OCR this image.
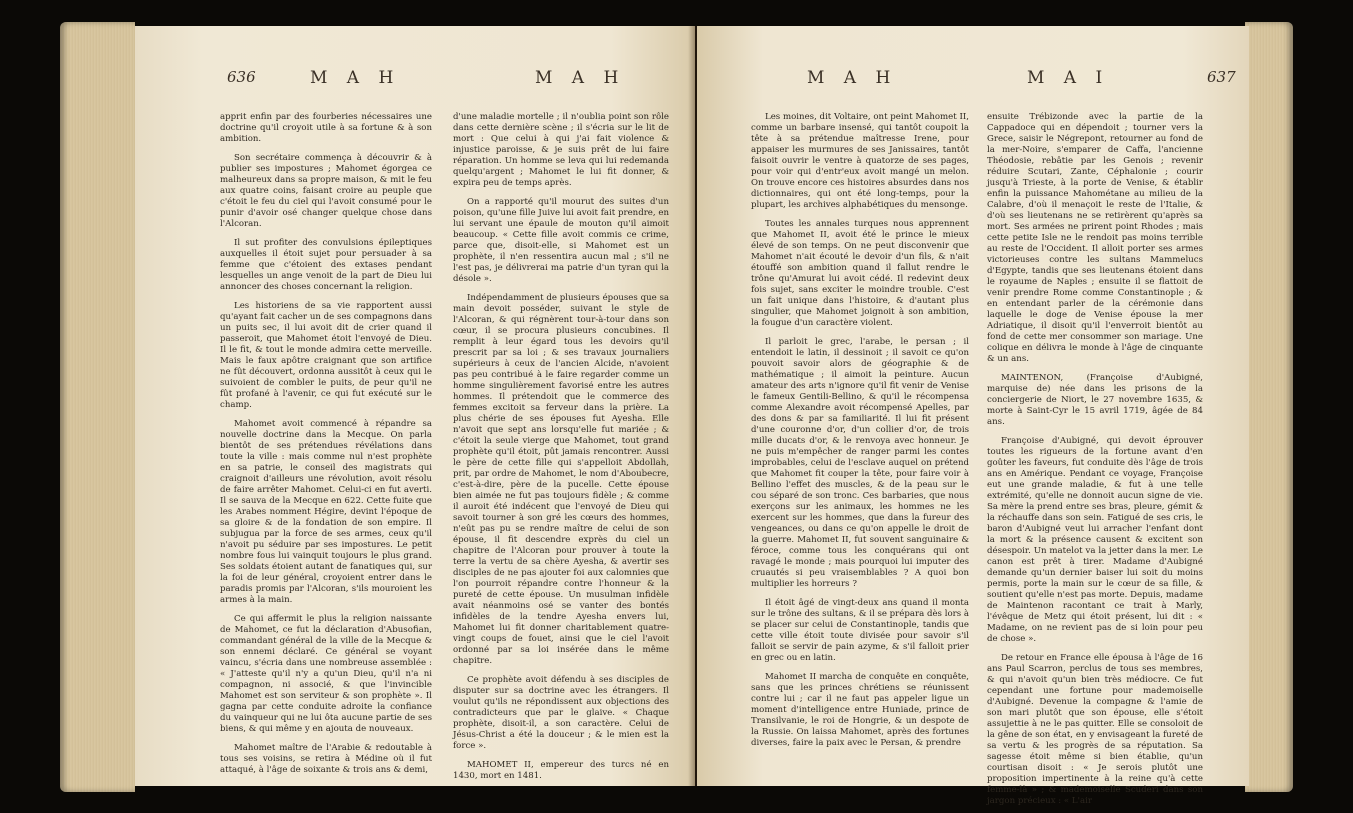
636	M A H	M A H

apprit enfin par des fourberies nécessaires une doctrine qu'il croyoit utile à sa fortune & à son ambition.

Son secrétaire commença à découvrir & à publier ses impostures ; Mahomet égorgea ce malheureux dans sa propre maison, & mit le feu aux quatre coins, faisant croire au peuple que c'étoit le feu du ciel qui l'avoit consumé pour le punir d'avoir osé changer quelque chose dans l'Alcoran.

Il sut profiter des convulsions épileptiques auxquelles il étoit sujet pour persuader à sa femme que c'étoient des extases pendant lesquelles un ange venoit de la part de Dieu lui annoncer des choses concernant la religion.

Les historiens de sa vie rapportent aussi qu'ayant fait cacher un de ses compagnons dans un puits sec, il lui avoit dit de crier quand il passeroit, que Mahomet étoit l'envoyé de Dieu. Il le fit, & tout le monde admira cette merveille. Mais le faux apôtre craignant que son artifice ne fût découvert, ordonna aussitôt à ceux qui le suivoient de combler le puits, de peur qu'il ne fût profané à l'avenir, ce qui fut exécuté sur le champ.

Mahomet avoit commencé à répandre sa nouvelle doctrine dans la Mecque. On parla bientôt de ses prétendues révélations dans toute la ville : mais comme nul n'est prophète en sa patrie, le conseil des magistrats qui craignoit d'ailleurs une révolution, avoit résolu de faire arrêter Mahomet. Celui-ci en fut averti. Il se sauva de la Mecque en 622. Cette fuite que les Arabes nomment Hégire, devint l'époque de sa gloire & de la fondation de son empire. Il subjugua par la force de ses armes, ceux qu'il n'avoit pu séduire par ses impostures. Le petit nombre fous lui vainquit toujours le plus grand. Ses soldats étoient autant de fanatiques qui, sur la foi de leur général, croyoient entrer dans le paradis promis par l'Alcoran, s'ils mouroient les armes à la main.

Ce qui affermit le plus la religion naissante de Mahomet, ce fut la déclaration d'Abusofian, commandant général de la ville de la Mecque & son ennemi déclaré. Ce général se voyant vaincu, s'écria dans une nombreuse assemblée : « J'atteste qu'il n'y a qu'un Dieu, qu'il n'a ni compagnon, ni associé, & que l'invincible Mahomet est son serviteur & son prophète ». Il gagna par cette conduite adroite la confiance du vainqueur qui ne lui ôta aucune partie de ses biens, & qui même y en ajouta de nouveaux.

Mahomet maître de l'Arabie & redoutable à tous ses voisins, se retira à Médine où il fut attaqué, à l'âge de soixante & trois ans & demi,

d'une maladie mortelle ; il n'oublia point son rôle dans cette dernière scène ; il s'écria sur le lit de mort : Que celui à qui j'ai fait violence & injustice paroisse, & je suis prêt de lui faire réparation. Un homme se leva qui lui redemanda quelqu'argent ; Mahomet le lui fit donner, & expira peu de temps après.

On a rapporté qu'il mourut des suites d'un poison, qu'une fille Juive lui avoit fait prendre, en lui servant une épaule de mouton qu'il aimoit beaucoup. « Cette fille avoit commis ce crime, parce que, disoit-elle, si Mahomet est un prophète, il n'en ressentira aucun mal ; s'il ne l'est pas, je délivrerai ma patrie d'un tyran qui la désole ».

Indépendamment de plusieurs épouses que sa main devoit posséder, suivant le style de l'Alcoran, & qui régnèrent tour-à-tour dans son cœur, il se procura plusieurs concubines. Il remplit à leur égard tous les devoirs qu'il prescrit par sa loi ; & ses travaux journaliers supérieurs à ceux de l'ancien Alcide, n'avoient pas peu contribué à le faire regarder comme un homme singulièrement favorisé entre les autres hommes. Il prétendoit que le commerce des femmes excitoit sa ferveur dans la prière. La plus chérie de ses épouses fut Ayesha. Elle n'avoit que sept ans lorsqu'elle fut mariée ; & c'étoit la seule vierge que Mahomet, tout grand prophète qu'il étoit, pût jamais rencontrer. Aussi le père de cette fille qui s'appelloit Abdollah, prit, par ordre de Mahomet, le nom d'Aboubecre, c'est-à-dire, père de la pucelle. Cette épouse bien aimée ne fut pas toujours fidèle ; & comme il auroit été indécent que l'envoyé de Dieu qui savoit tourner à son gré les cœurs des hommes, n'eût pas pu se rendre maître de celui de son épouse, il fit descendre exprès du ciel un chapitre de l'Alcoran pour prouver à toute la terre la vertu de sa chère Ayesha, & avertir ses disciples de ne pas ajouter foi aux calomnies que l'on pourroit répandre contre l'honneur & la pureté de cette épouse. Un musulman infidèle avait néanmoins osé se vanter des bontés infidèles de la tendre Ayesha envers lui, Mahomet lui fit donner charitablement quatre-vingt coups de fouet, ainsi que le ciel l'avoit ordonné par sa loi insérée dans le même chapitre.

Ce prophète avoit défendu à ses disciples de disputer sur sa doctrine avec les étrangers. Il voulut qu'ils ne répondissent aux objections des contradicteurs que par le glaive. « Chaque prophète, disoit-il, a son caractère. Celui de Jésus-Christ a été la douceur ; & le mien est la force ».

MAHOMET II, empereur des turcs né en 1430, mort en 1481.

M A H	M A I	637

Les moines, dit Voltaire, ont peint Mahomet II, comme un barbare insensé, qui tantôt coupoit la tête à sa prétendue maîtresse Irene, pour appaiser les murmures de ses Janissaires, tantôt faisoit ouvrir le ventre à quatorze de ses pages, pour voir qui d'entr'eux avoit mangé un melon. On trouve encore ces histoires absurdes dans nos dictionnaires, qui ont été long-temps, pour la plupart, les archives alphabétiques du mensonge.

Toutes les annales turques nous apprennent que Mahomet II, avoit été le prince le mieux élevé de son temps. On ne peut disconvenir que Mahomet n'ait écouté le devoir d'un fils, & n'ait étouffé son ambition quand il fallut rendre le trône qu'Amurat lui avoit cédé. Il redevint deux fois sujet, sans exciter le moindre trouble. C'est un fait unique dans l'histoire, & d'autant plus singulier, que Mahomet joignoit à son ambition, la fougue d'un caractère violent.

Il parloit le grec, l'arabe, le persan ; il entendoit le latin, il dessinoit ; il savoit ce qu'on pouvoit savoir alors de géographie & de mathématique ; il aimoit la peinture. Aucun amateur des arts n'ignore qu'il fit venir de Venise le fameux Gentili-Bellino, & qu'il le récompensa comme Alexandre avoit récompensé Apelles, par des dons & par sa familiarité. Il lui fit présent d'une couronne d'or, d'un collier d'or, de trois mille ducats d'or, & le renvoya avec honneur. Je ne puis m'empêcher de ranger parmi les contes improbables, celui de l'esclave auquel on prétend que Mahomet fit couper la tête, pour faire voir à Bellino l'effet des muscles, & de la peau sur le cou séparé de son tronc. Ces barbaries, que nous exerçons sur les animaux, les hommes ne les exercent sur les hommes, que dans la fureur des vengeances, ou dans ce qu'on appelle le droit de la guerre. Mahomet II, fut souvent sanguinaire & féroce, comme tous les conquérans qui ont ravagé le monde ; mais pourquoi lui imputer des cruautés si peu vraisemblables ? A quoi bon multiplier les horreurs ?

Il étoit âgé de vingt-deux ans quand il monta sur le trône des sultans, & il se prépara dès lors à se placer sur celui de Constantinople, tandis que cette ville étoit toute divisée pour savoir s'il falloit se servir de pain azyme, & s'il falloit prier en grec ou en latin.

Mahomet II marcha de conquête en conquête, sans que les princes chrétiens se réunissent contre lui ; car il ne faut pas appeler ligue un moment d'intelligence entre Huniade, prince de Transilvanie, le roi de Hongrie, & un despote de la Russie. On laissa Mahomet, après des fortunes diverses, faire la paix avec le Persan, & prendre

ensuite Trébizonde avec la partie de la Cappadoce qui en dépendoit ; tourner vers la Grece, saisir le Négrepont, retourner au fond de la mer-Noire, s'emparer de Caffa, l'ancienne Théodosie, rebâtie par les Genois ; revenir réduire Scutari, Zante, Céphalonie ; courir jusqu'à Trieste, à la porte de Venise, & établir enfin la puissance Mahométane au milieu de la Calabre, d'où il menaçoit le reste de l'Italie, & d'où ses lieutenans ne se retirèrent qu'après sa mort. Ses armées ne prirent point Rhodes ; mais cette petite Isle ne le rendoit pas moins terrible au reste de l'Occident. Il alloit porter ses armes victorieuses contre les sultans Mammelucs d'Egypte, tandis que ses lieutenans étoient dans le royaume de Naples ; ensuite il se flattoit de venir prendre Rome comme Constantinople ; & en entendant parler de la cérémonie dans laquelle le doge de Venise épouse la mer Adriatique, il disoit qu'il l'enverroit bientôt au fond de cette mer consommer son mariage. Une colique en délivra le monde à l'âge de cinquante & un ans.

MAINTENON, (Françoise d'Aubigné, marquise de) née dans les prisons de la conciergerie de Niort, le 27 novembre 1635, & morte à Saint-Cyr le 15 avril 1719, âgée de 84 ans.

Françoise d'Aubigné, qui devoit éprouver toutes les rigueurs de la fortune avant d'en goûter les faveurs, fut conduite dès l'âge de trois ans en Amérique. Pendant ce voyage, Françoise eut une grande maladie, & fut à une telle extrémité, qu'elle ne donnoit aucun signe de vie. Sa mère la prend entre ses bras, pleure, gémit & la réchauffe dans son sein. Fatigué de ses cris, le baron d'Aubigné veut lui arracher l'enfant dont la mort & la présence causent & excitent son désespoir. Un matelot va la jetter dans la mer. Le canon est prêt à tirer. Madame d'Aubigné demande qu'un dernier baiser lui soit du moins permis, porte la main sur le cœur de sa fille, & soutient qu'elle n'est pas morte. Depuis, madame de Maintenon racontant ce trait à Marly, l'évêque de Metz qui étoit présent, lui dit : « Madame, on ne revient pas de si loin pour peu de chose ».

De retour en France elle épousa à l'âge de 16 ans Paul Scarron, perclus de tous ses membres, & qui n'avoit qu'un bien très médiocre. Ce fut cependant une fortune pour mademoiselle d'Aubigné. Devenue la compagne & l'amie de son mari plutôt que son épouse, elle s'étoit assujettie à ne le pas quitter. Elle se consoloit de la gêne de son état, en y envisageant la fureté de sa vertu & les progrès de sa réputation. Sa sagesse étoit même si bien établie, qu'un courtisan disoit : « Je serois plutôt une proposition impertinente à la reine qu'à cette femme-là » ; & mademoiselle Scuderi dans son jargon précieux : « L'air
